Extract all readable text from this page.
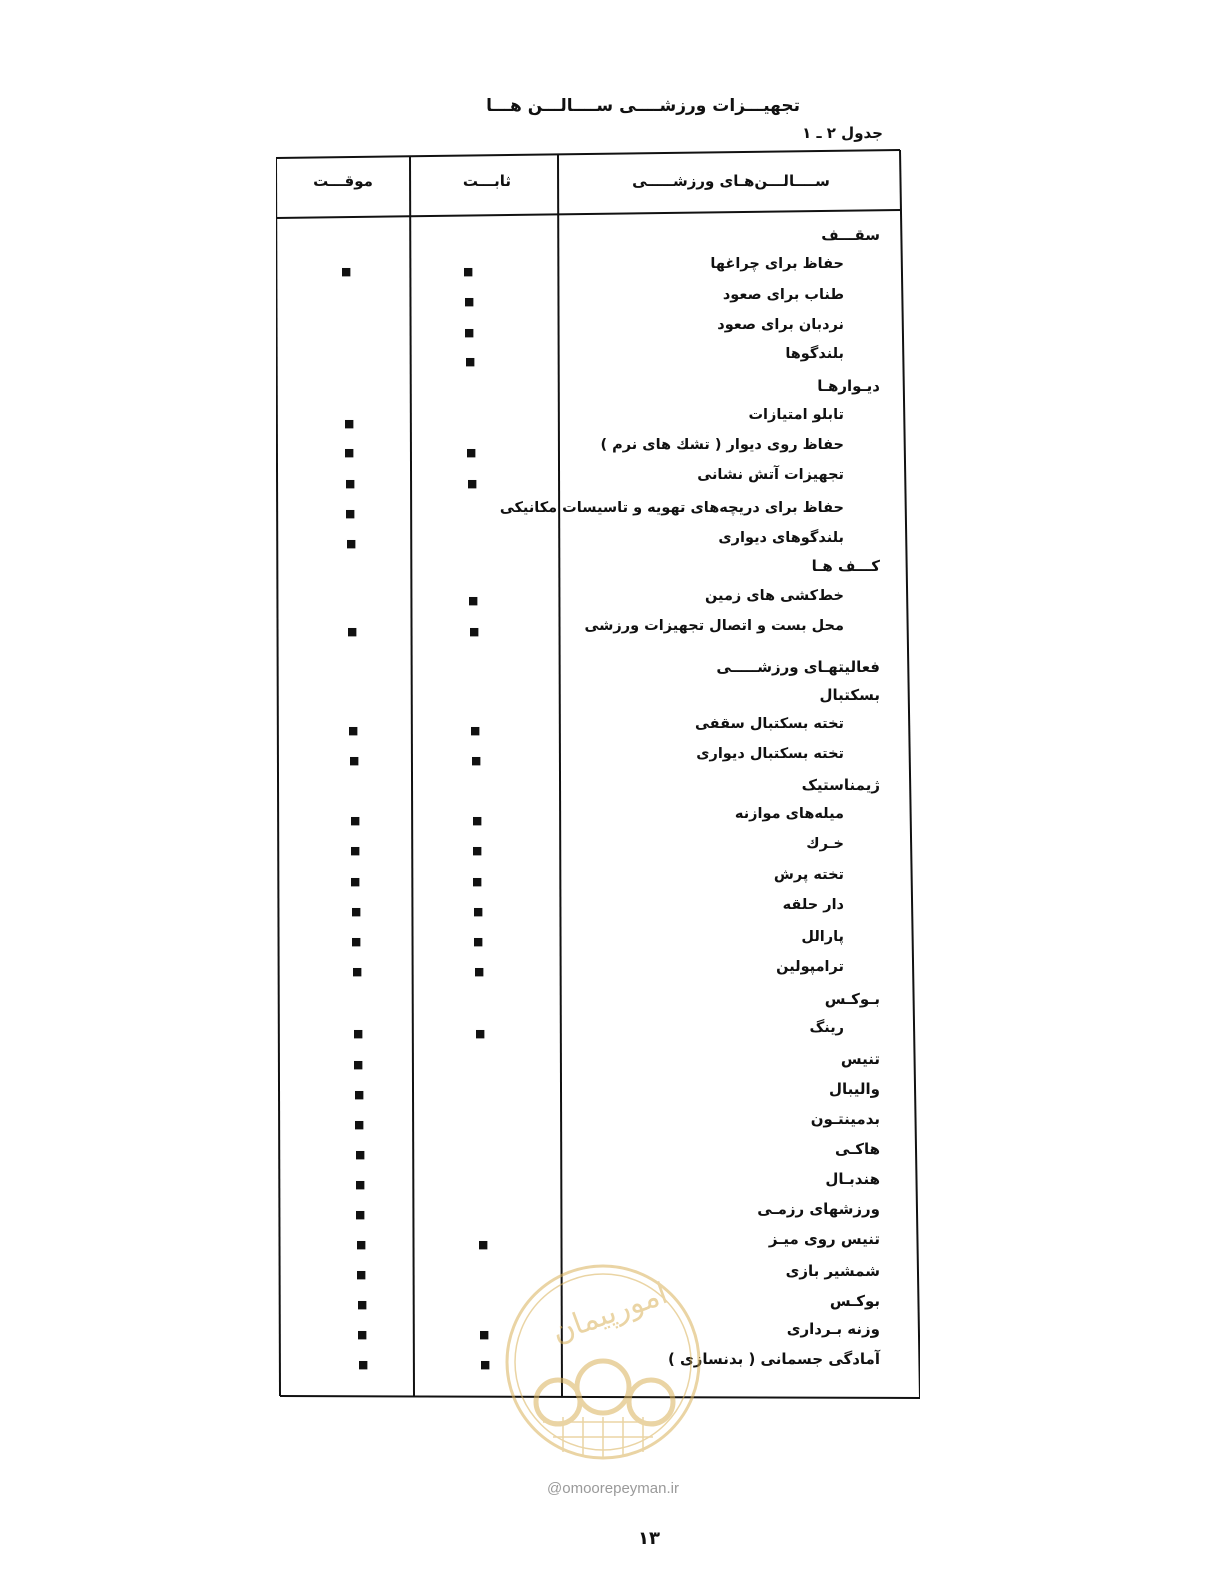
تجهیـــزات ورزشــــی ســــالـــن هـــا
جدول ۲ ـ ۱
ســــالـــن‌هـای ورزشـــــی
ثابـــت
موقـــت
سقـــف
حفاظ برای چراغها
■
■
طناب برای صعود
■
نردبان برای صعود
■
بلندگوها
■
دیـوارهـا
تابلو امتیازات
■
حفاظ روی دیوار ( تشك های نرم )
■
■
تجهیزات آتش نشانی
■
■
حفاظ برای دریچه‌های تهویه و تاسیسات مکانیکی
■
بلندگوهای دیواری
■
کـــف هـا
خط‌کشی های زمین
■
محل بست و اتصال تجهیزات ورزشی
■
■
فعالیتهـای ورزشـــــی
بسکتبال
تخته بسکتبال سقفی
■
■
تخته بسکتبال دیواری
■
■
ژیمناستیک
میله‌های موازنه
■
■
خـرك
■
■
تخته پرش
■
■
دار حلقه
■
■
پارالل
■
■
ترامپولین
■
■
بـوكـس
رینگ
■
■
تنیس
■
والیبال
■
بدمینتـون
■
هاکـی
■
هندبـال
■
ورزشهای رزمـی
■
تنیس روی میـز
■
■
شمشیر بازی
■
بوكـس
■
وزنه بـرداری
■
■
آمادگی جسمانی ( بدنسازی )
■
■
امورپیمان
@omoorepeyman.ir
۱۳
